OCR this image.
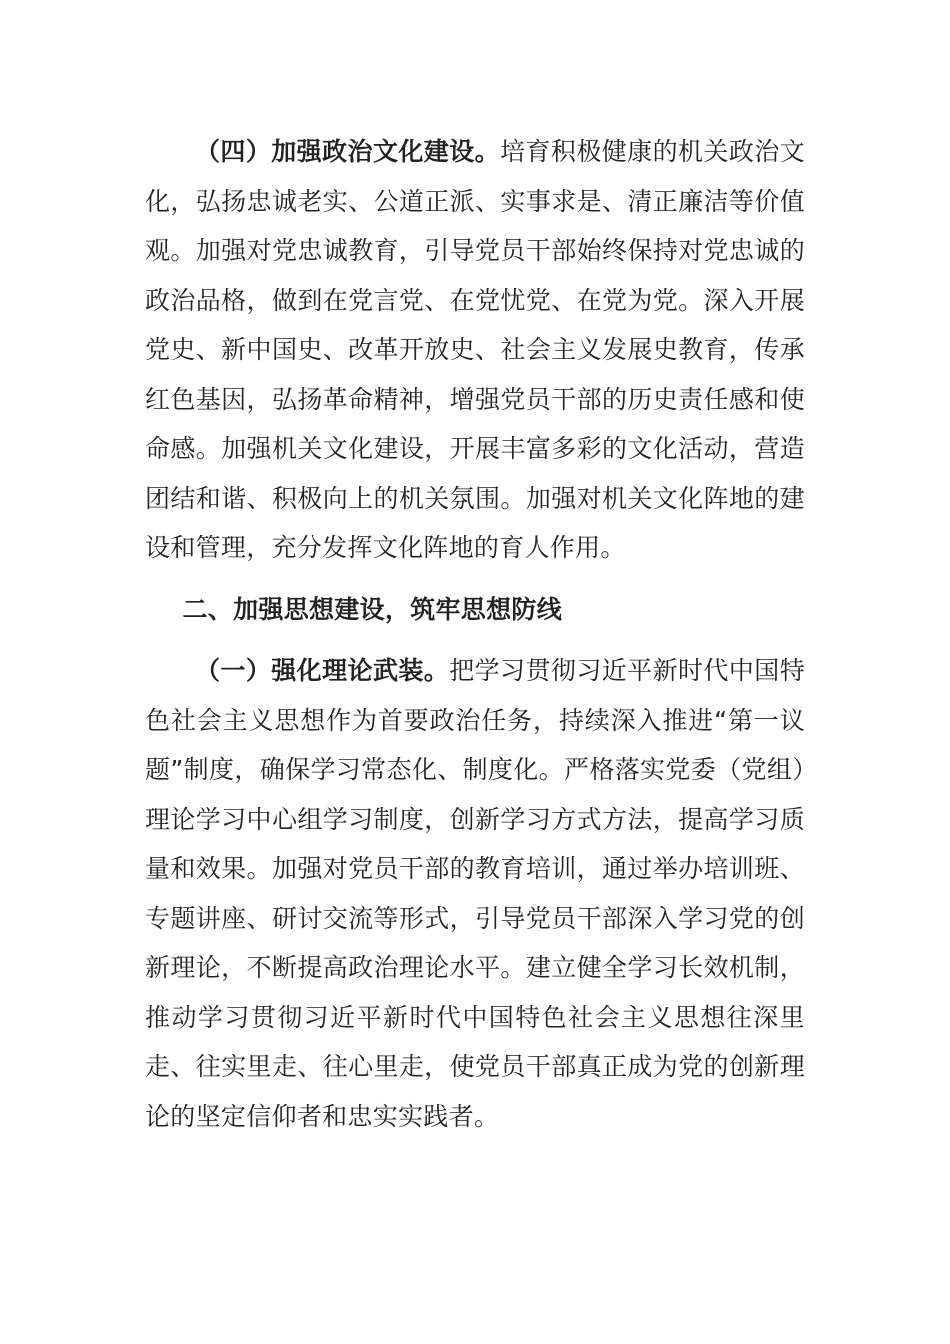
（四）加强政治文化建设。培育积极健康的机关政治文化，弘扬忠诚老实、公道正派、实事求是、清正廉洁等价值观。加强对党忠诚教育，引导党员干部始终保持对党忠诚的政治品格，做到在党言党、在党忧党、在党为党。深入开展党史、新中国史、改革开放史、社会主义发展史教育，传承红色基因，弘扬革命精神，增强党员干部的历史责任感和使命感。加强机关文化建设，开展丰富多彩的文化活动，营造团结和谐、积极向上的机关氛围。加强对机关文化阵地的建设和管理，充分发挥文化阵地的育人作用。

二、加强思想建设，筑牢思想防线

（一）强化理论武装。把学习贯彻习近平新时代中国特色社会主义思想作为首要政治任务，持续深入推进“第一议题”制度，确保学习常态化、制度化。严格落实党委（党组）理论学习中心组学习制度，创新学习方式方法，提高学习质量和效果。加强对党员干部的教育培训，通过举办培训班、专题讲座、研讨交流等形式，引导党员干部深入学习党的创新理论，不断提高政治理论水平。建立健全学习长效机制，推动学习贯彻习近平新时代中国特色社会主义思想往深里走、往实里走、往心里走，使党员干部真正成为党的创新理论的坚定信仰者和忠实实践者。
